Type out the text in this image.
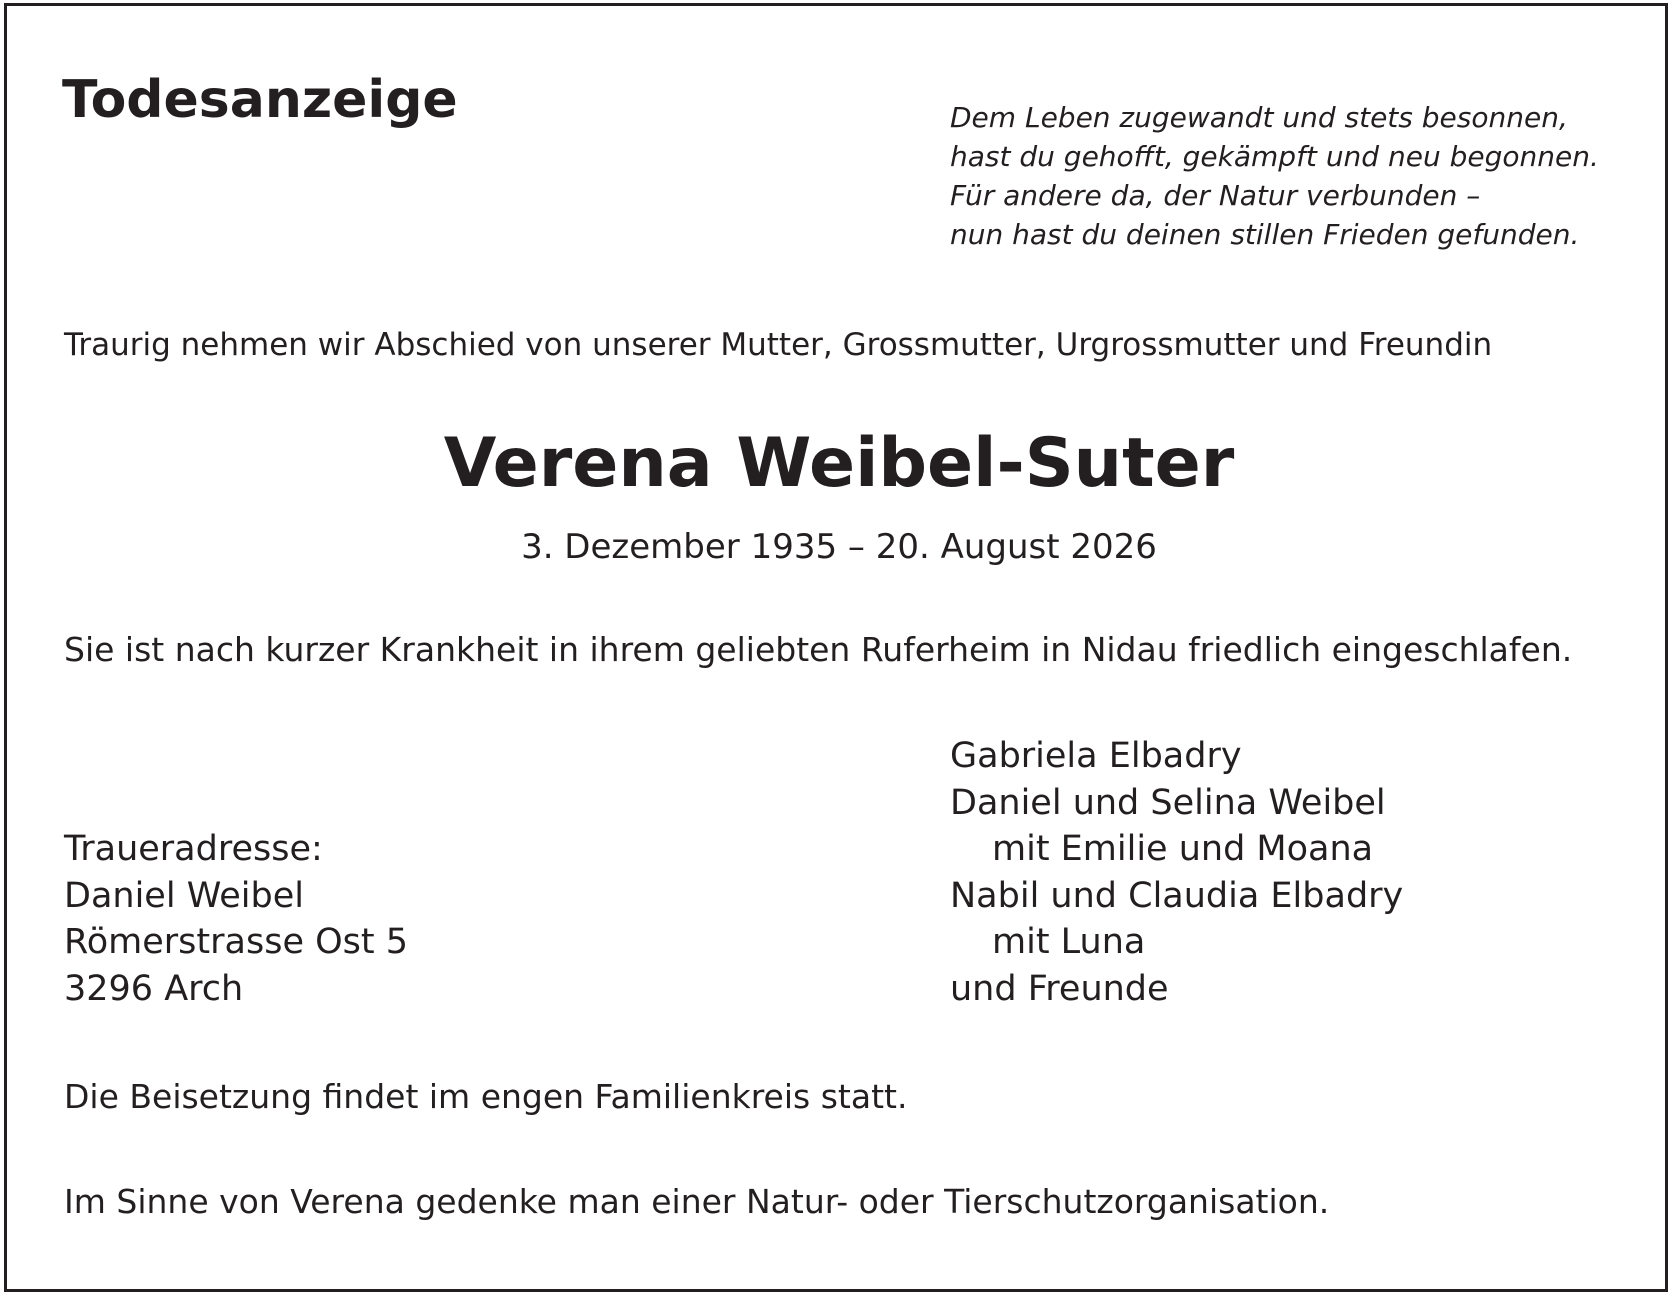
Todesanzeige	Dem Leben zugewandt und stets besonnen,
hast du gehofft, gekämpft und neu begonnen.
Für andere da, der Natur verbunden –
nun hast du deinen stillen Frieden gefunden.

Traurig nehmen wir Abschied von unserer Mutter, Grossmutter, Urgrossmutter und Freundin

Verena Weibel-Suter

3. Dezember 1935 – 20. August 2026

Sie ist nach kurzer Krankheit in ihrem geliebten Ruferheim in Nidau friedlich eingeschlafen.

Traueradresse:
Daniel Weibel
Römerstrasse Ost 5
3296 Arch
Gabriela Elbadry
Daniel und Selina Weibel
mit Emilie und Moana
Nabil und Claudia Elbadry
mit Luna
und Freunde

Die Beisetzung findet im engen Familienkreis statt.

Im Sinne von Verena gedenke man einer Natur- oder Tierschutzorganisation.
